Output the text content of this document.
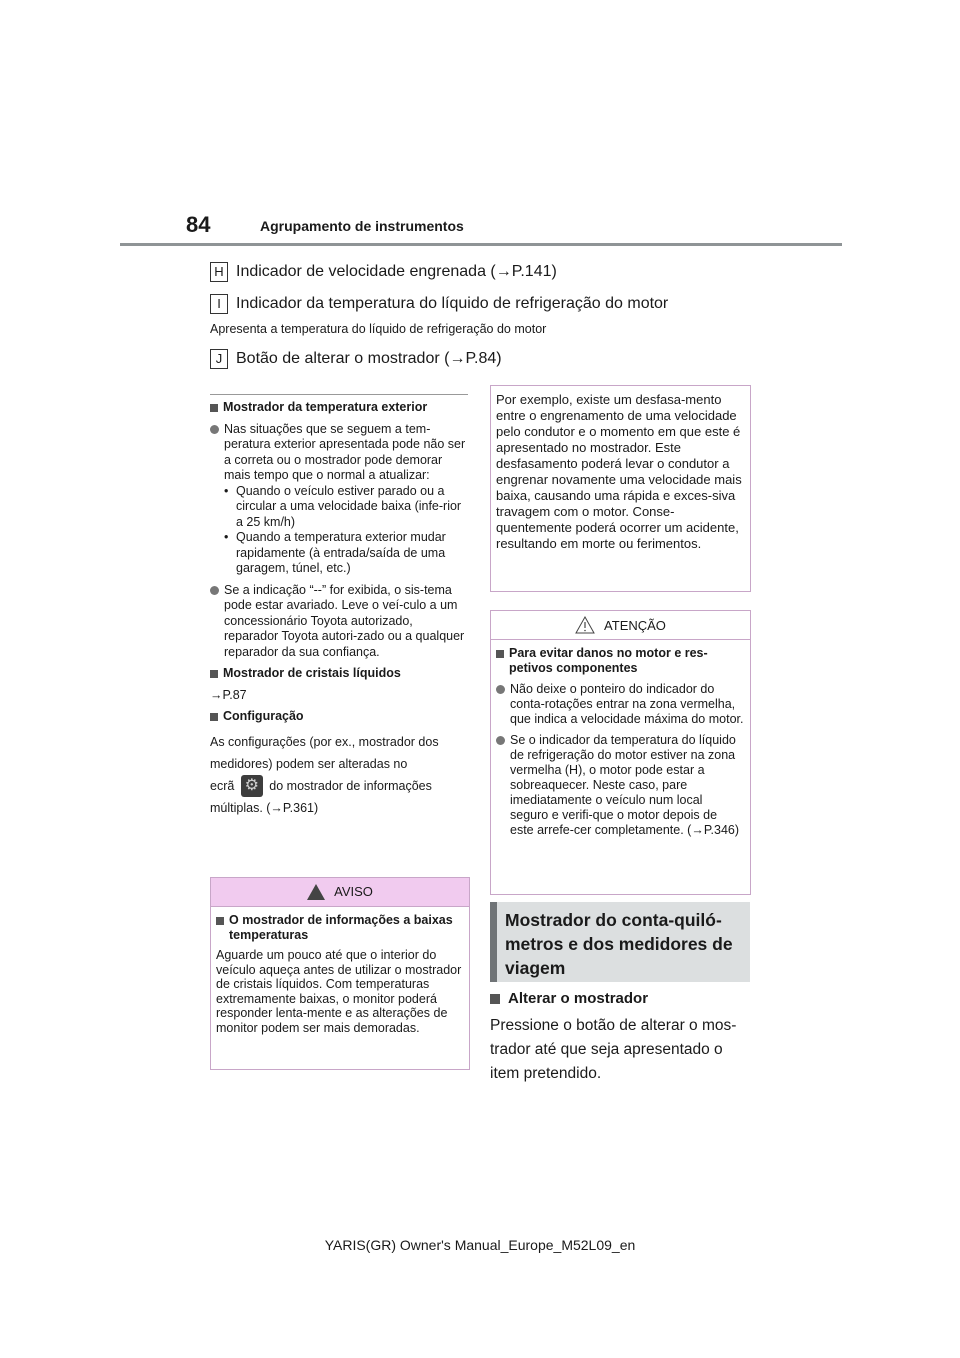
84	Agrupamento de instrumentos
H Indicador de velocidade engrenada (→P.141)
I Indicador da temperatura do líquido de refrigeração do motor
Apresenta a temperatura do líquido de refrigeração do motor
J Botão de alterar o mostrador (→P.84)
Mostrador da temperatura exterior
Nas situações que se seguem a tem-peratura exterior apresentada pode não ser a correta ou o mostrador pode demorar mais tempo que o normal a atualizar:
• Quando o veículo estiver parado ou a circular a uma velocidade baixa (infe-rior a 25 km/h)
• Quando a temperatura exterior mudar rapidamente (à entrada/saída de uma garagem, túnel, etc.)
Se a indicação “--” for exibida, o sis-tema pode estar avariado. Leve o veí-culo a um concessionário Toyota autorizado, reparador Toyota autori-zado ou a qualquer reparador da sua confiança.
Mostrador de cristais líquidos
→P.87
Configuração
As configurações (por ex., mostrador dos medidores) podem ser alteradas no
ecrã ⚙ do mostrador de informações
múltiplas. (→P.361)
AVISO
O mostrador de informações a baixas temperaturas
Aguarde um pouco até que o interior do veículo aqueça antes de utilizar o mostrador de cristais líquidos. Com temperaturas extremamente baixas, o monitor poderá responder lenta-mente e as alterações de monitor podem ser mais demoradas.
Por exemplo, existe um desfasa-mento entre o engrenamento de uma velocidade pelo condutor e o momento em que este é apresentado no mostrador. Este desfasamento poderá levar o condutor a engrenar novamente uma velocidade mais baixa, causando uma rápida e exces-siva travagem com o motor. Conse-quentemente poderá ocorrer um acidente, resultando em morte ou ferimentos.
ATENÇÃO
Para evitar danos no motor e res-petivos componentes
Não deixe o ponteiro do indicador do conta-rotações entrar na zona vermelha, que indica a velocidade máxima do motor.
Se o indicador da temperatura do líquido de refrigeração do motor estiver na zona vermelha (H), o motor pode estar a sobreaquecer. Neste caso, pare imediatamente o veículo num local seguro e verifi-que o motor depois de este arrefe-cer completamente. (→P.346)
Mostrador do conta-quiló-metros e dos medidores de viagem
Alterar o mostrador
Pressione o botão de alterar o mos-trador até que seja apresentado o item pretendido.
YARIS(GR) Owner's Manual_Europe_M52L09_en
